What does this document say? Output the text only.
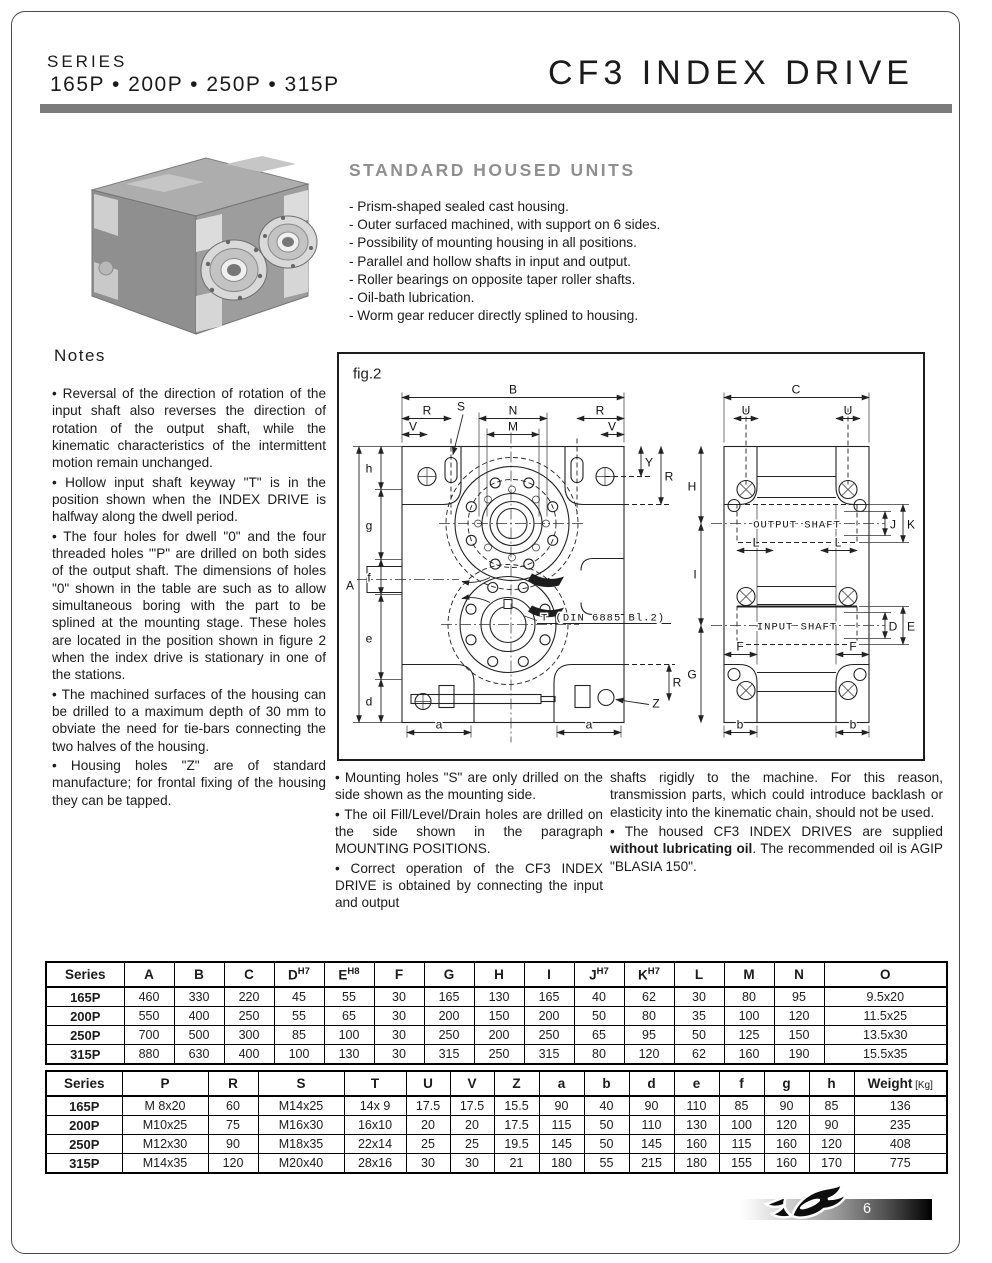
SERIES
165P • 200P • 250P • 315P	CF3 INDEX DRIVE
STANDARD HOUSED UNITS

- Prism-shaped sealed cast housing.

- Outer surfaced machined, with support on 6 sides.

- Possibility of mounting housing in all positions.

- Parallel and hollow shafts in input and output.

- Roller bearings on opposite taper roller shafts.

- Oil-bath lubrication.

- Worm gear reducer directly splined to housing.

Notes

• Reversal of the direction of rotation of the input shaft also reverses the direction of rotation of the output shaft, while the kinematic characteristics of the intermittent motion remain unchanged.

• Hollow input shaft keyway "T" is in the position shown when the INDEX DRIVE is halfway along the dwell period.

• The four holes for dwell "0" and the four threaded holes "'P" are drilled on both sides of the output shaft. The dimensions of holes "0" shown in the table are such as to allow simultaneous boring with the part to be splined at the mounting stage. These holes are located in the position shown in figure 2 when the index drive is stationary in one of the stations.

• The machined surfaces of the housing can be drilled to a maximum depth of 30 mm to obviate the need for tie-bars connecting the two halves of the housing.

• Housing holes "Z" are of standard manufacture; for frontal fixing of the housing they can be tapped.

fig.2
T (DIN 6885 Bl.2)
B
R	R
N
M
V	V
S
Y
R
h
g
f
e
d
A
a	a
Z
R
OUTPUT SHAFT
INPUT SHAFT
C
U	U
H
I
G
J K
L	L
D E
F	F
b	b

• Mounting holes "S" are only drilled on the side shown as the mounting side.

• The oil Fill/Level/Drain holes are drilled on the side shown in the paragraph MOUNTING POSITIONS.

• Correct operation of the CF3 INDEX DRIVE is obtained by connecting the input and output

shafts rigidly to the machine. For this reason, transmission parts, which could introduce backlash or elasticity into the kinematic chain, should not be used.

• The housed CF3 INDEX DRIVES are supplied without lubricating oil. The recommended oil is AGIP "BLASIA 150".

Series	A	B	C	$D^{H7}$	$E^{H8}$	F	G	H	I	$J^{H7}$	$K^{H7}$	L	M	N	O
165P	460	330	220	45	55	30	165	130	165	40	62	30	80	95	9.5x20
200P	550	400	250	55	65	30	200	150	200	50	80	35	100	120	11.5x25
250P	700	500	300	85	100	30	250	200	250	65	95	50	125	150	13.5x30
315P	880	630	400	100	130	30	315	250	315	80	120	62	160	190	15.5x35
Series	P	R	S	T	U	V	Z	a	b	d	e	f	g	h	Weight [Kg]
165P	M 8x20	60	M14x25	14x 9	17.5	17.5	15.5	90	40	90	110	85	90	85	136
200P	M10x25	75	M16x30	16x10	20	20	17.5	115	50	110	130	100	120	90	235
250P	M12x30	90	M18x35	22x14	25	25	19.5	145	50	145	160	115	160	120	408
315P	M14x35	120	M20x40	28x16	30	30	21	180	55	215	180	155	160	170	775
6
